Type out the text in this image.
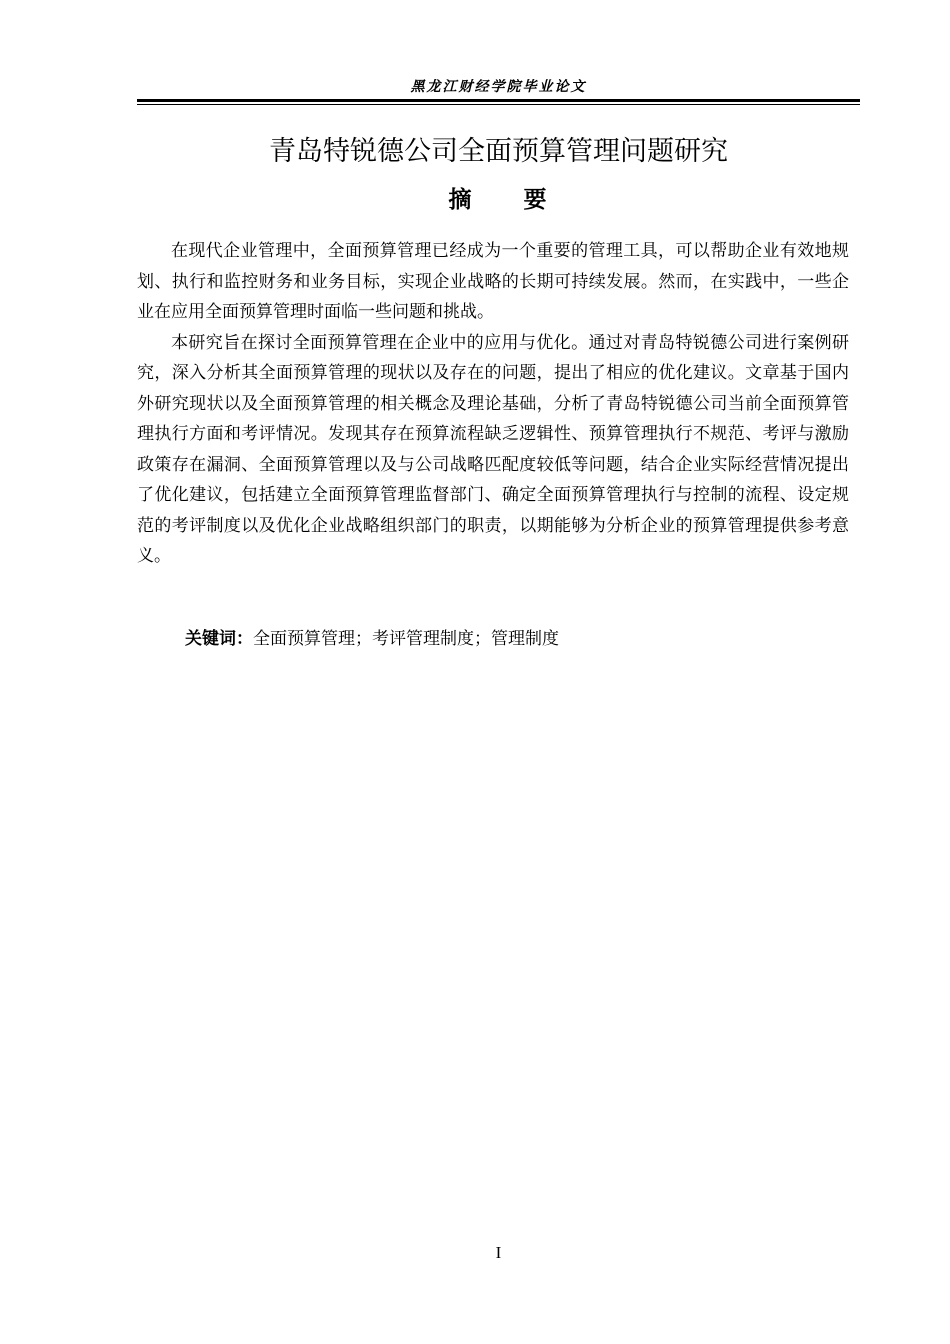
黑龙江财经学院毕业论文
青岛特锐德公司全面预算管理问题研究
摘　　要

在现代企业管理中，全面预算管理已经成为一个重要的管理工具，可以帮助企业有效地规划、执行和监控财务和业务目标，实现企业战略的长期可持续发展。然而，在实践中，一些企业在应用全面预算管理时面临一些问题和挑战。

本研究旨在探讨全面预算管理在企业中的应用与优化。通过对青岛特锐德公司进行案例研究，深入分析其全面预算管理的现状以及存在的问题，提出了相应的优化建议。文章基于国内外研究现状以及全面预算管理的相关概念及理论基础，分析了青岛特锐德公司当前全面预算管理执行方面和考评情况。发现其存在预算流程缺乏逻辑性、预算管理执行不规范、考评与激励政策存在漏洞、全面预算管理以及与公司战略匹配度较低等问题，结合企业实际经营情况提出了优化建议，包括建立全面预算管理监督部门、确定全面预算管理执行与控制的流程、设定规范的考评制度以及优化企业战略组织部门的职责，以期能够为分析企业的预算管理提供参考意义。

关键词：全面预算管理；考评管理制度；管理制度
I
